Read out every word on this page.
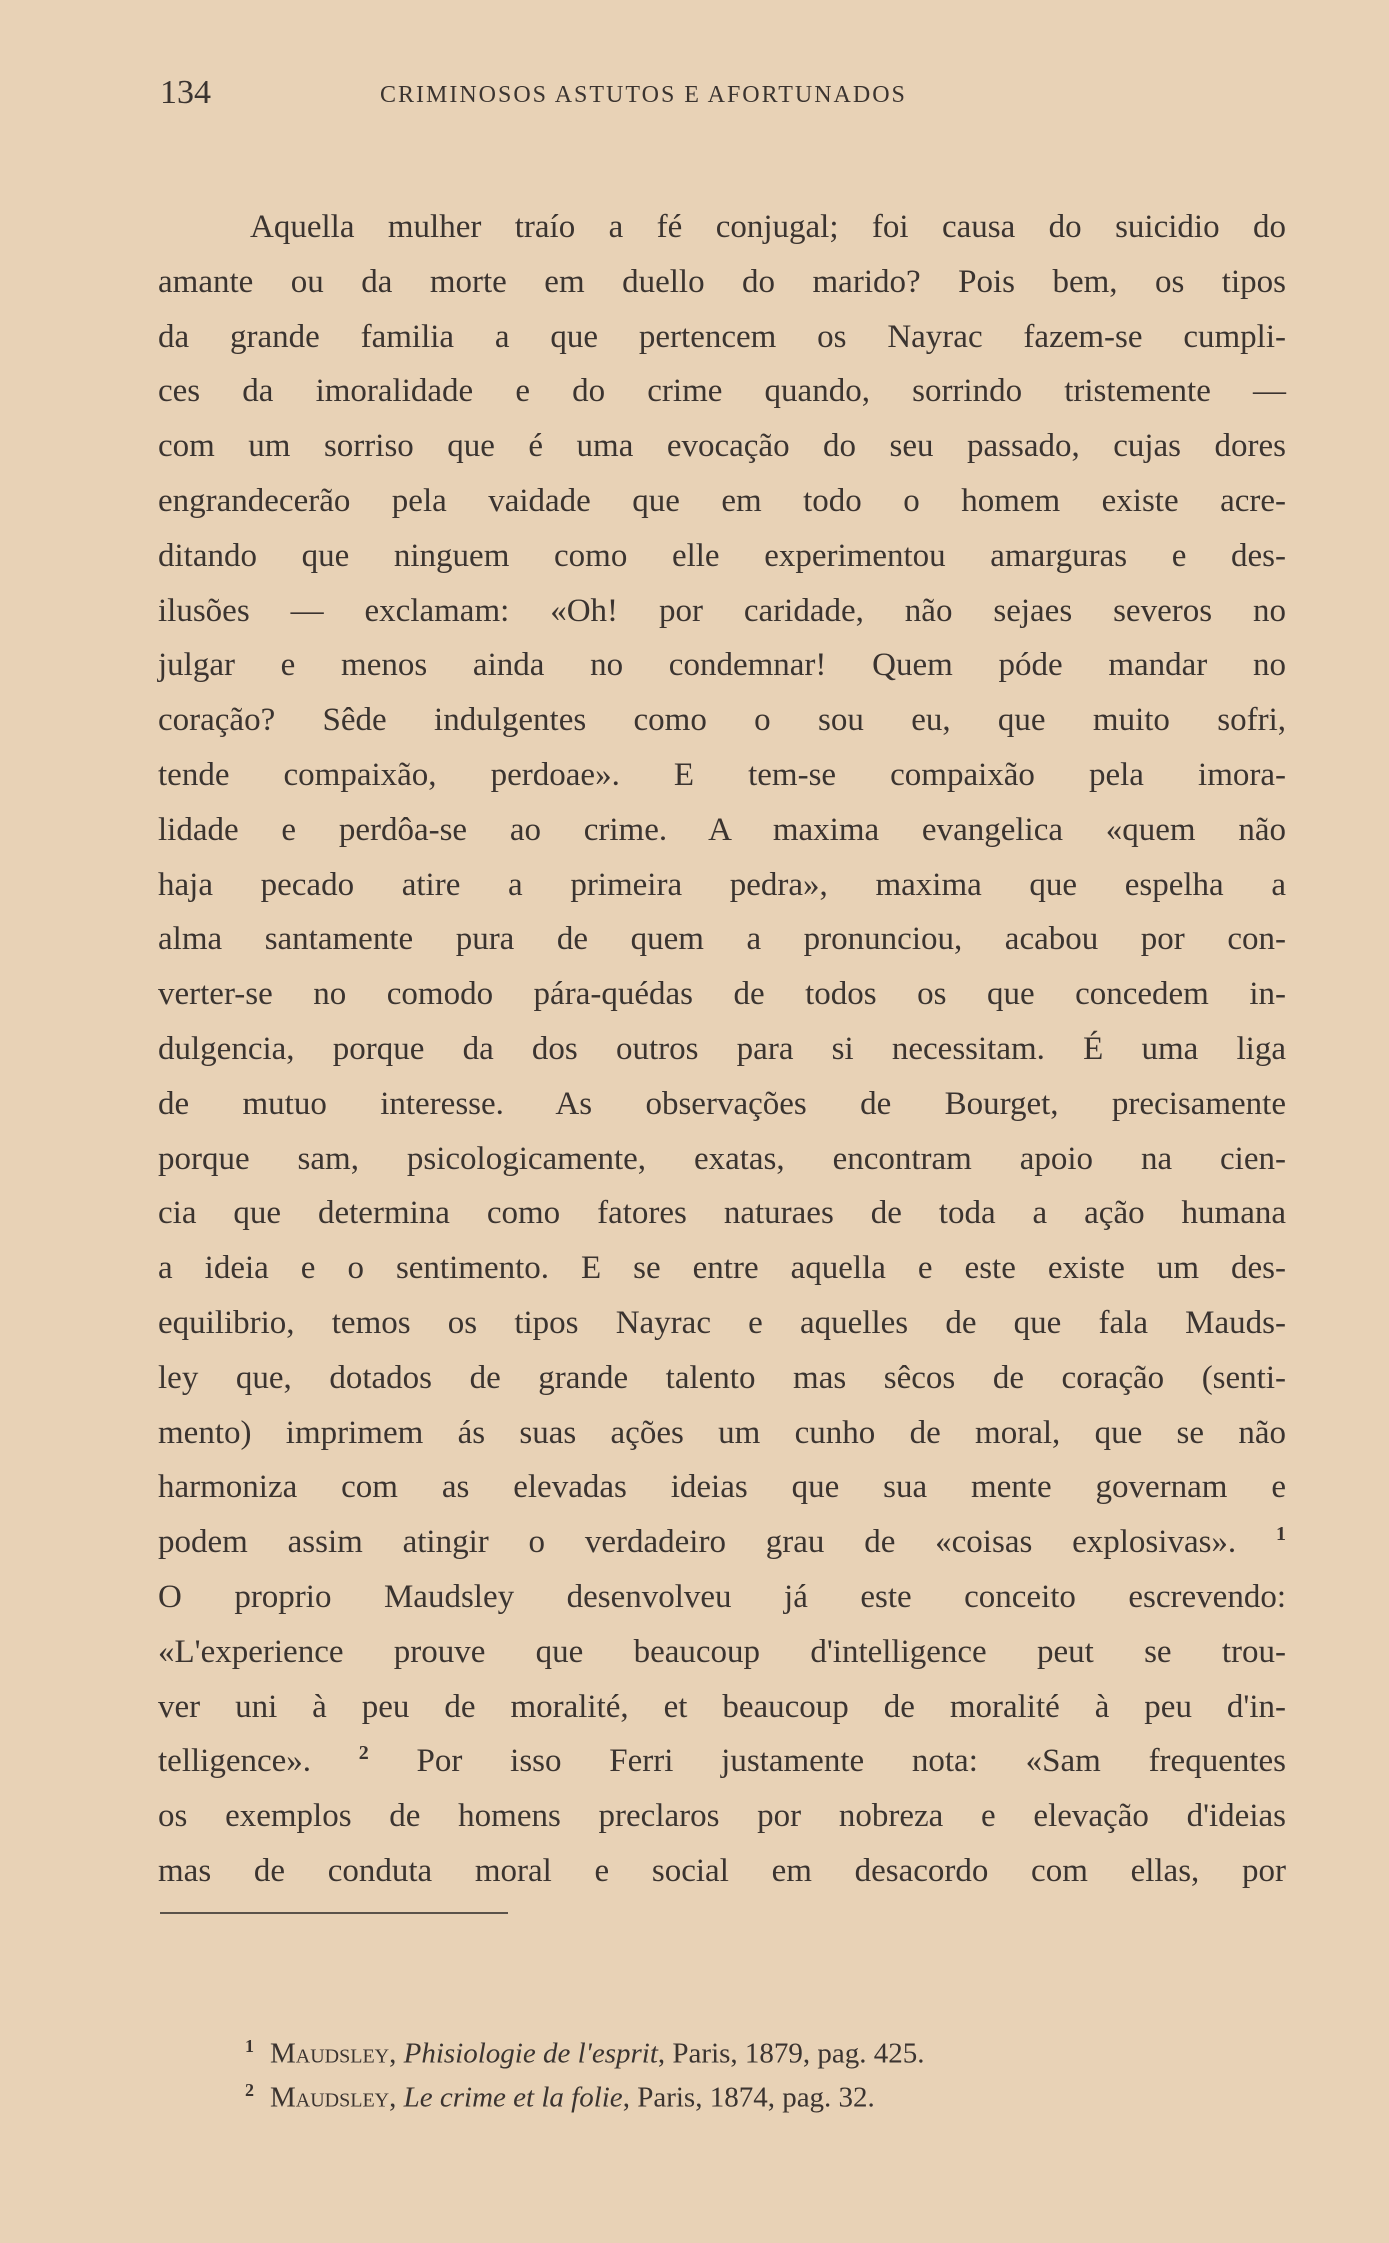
134	CRIMINOSOS ASTUTOS E AFORTUNADOS
Aquella mulher traío a fé conjugal; foi causa do suicidio do
amante ou da morte em duello do marido? Pois bem, os tipos
da grande familia a que pertencem os Nayrac fazem-se cumpli-
ces da imoralidade e do crime quando, sorrindo tristemente —
com um sorriso que é uma evocação do seu passado, cujas dores
engrandecerão pela vaidade que em todo o homem existe acre-
ditando que ninguem como elle experimentou amarguras e des-
ilusões — exclamam: «Oh! por caridade, não sejaes severos no
julgar e menos ainda no condemnar! Quem póde mandar no
coração? Sêde indulgentes como o sou eu, que muito sofri,
tende compaixão, perdoae». E tem-se compaixão pela imora-
lidade e perdôa-se ao crime. A maxima evangelica «quem não
haja pecado atire a primeira pedra», maxima que espelha a
alma santamente pura de quem a pronunciou, acabou por con-
verter-se no comodo pára-quédas de todos os que concedem in-
dulgencia, porque da dos outros para si necessitam. É uma liga
de mutuo interesse. As observações de Bourget, precisamente
porque sam, psicologicamente, exatas, encontram apoio na cien-
cia que determina como fatores naturaes de toda a ação humana
a ideia e o sentimento. E se entre aquella e este existe um des-
equilibrio, temos os tipos Nayrac e aquelles de que fala Mauds-
ley que, dotados de grande talento mas sêcos de coração (senti-
mento) imprimem ás suas ações um cunho de moral, que se não
harmoniza com as elevadas ideias que sua mente governam e
podem assim atingir o verdadeiro grau de «coisas explosivas». $^1$
O proprio Maudsley desenvolveu já este conceito escrevendo:
«L'experience prouve que beaucoup d'intelligence peut se trou-
ver uni à peu de moralité, et beaucoup de moralité à peu d'in-
telligence». $^2$ Por isso Ferri justamente nota: «Sam frequentes
os exemplos de homens preclaros por nobreza e elevação d'ideias
mas de conduta moral e social em desacordo com ellas, por
$^1$ Maudsley, Phisiologie de l'esprit, Paris, 1879, pag. 425.
$^2$ Maudsley, Le crime et la folie, Paris, 1874, pag. 32.
